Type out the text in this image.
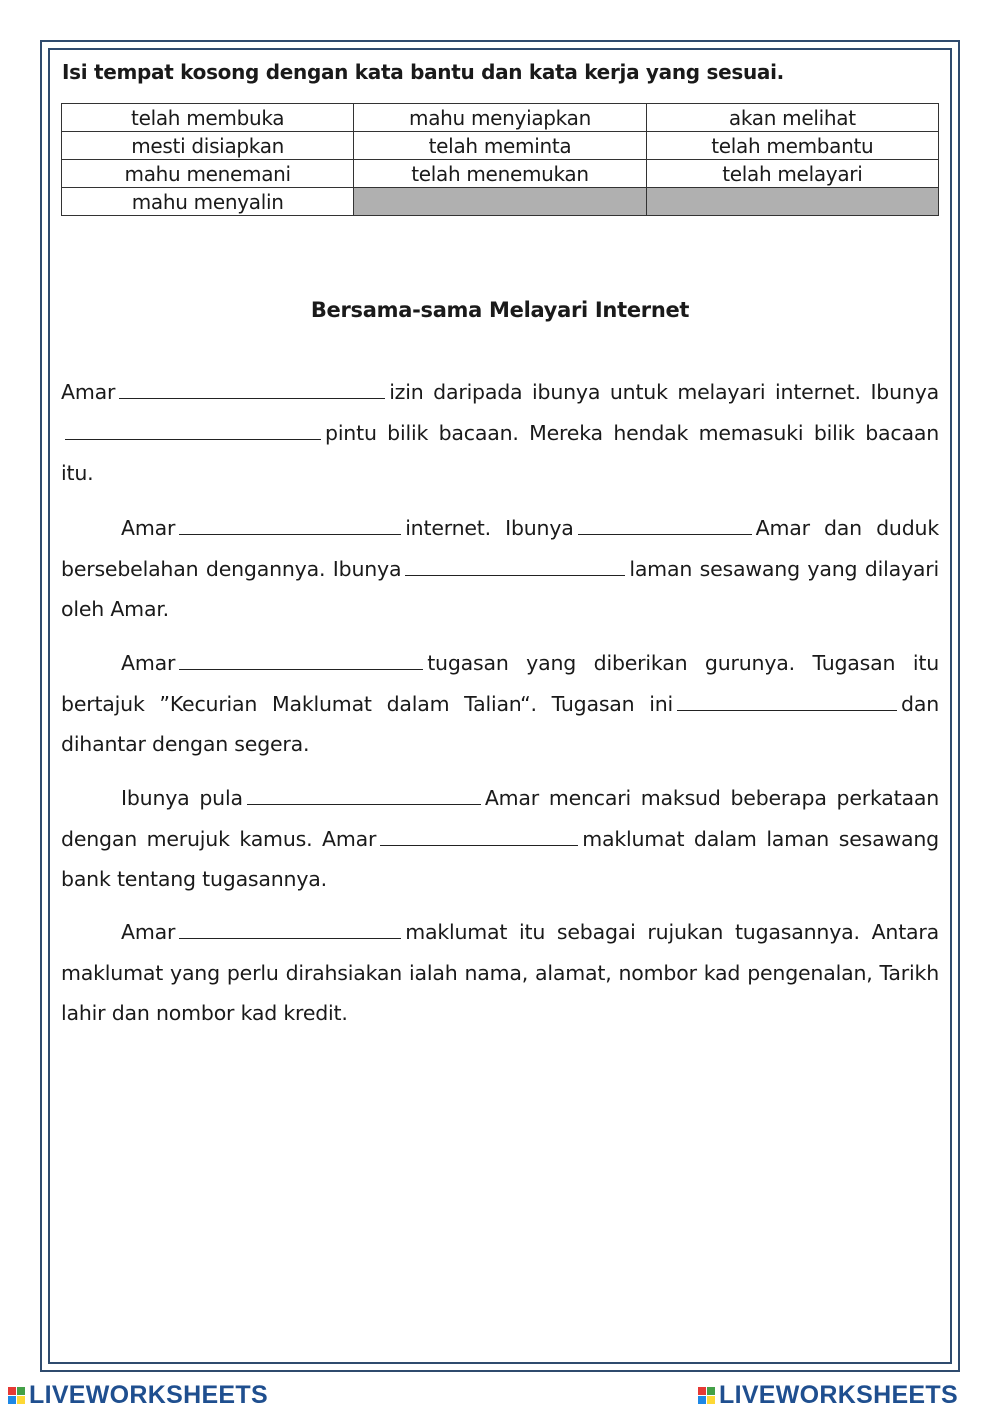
Isi tempat kosong dengan kata bantu dan kata kerja yang sesuai.
telah membuka	mahu menyiapkan	akan melihat
mesti disiapkan	telah meminta	telah membantu
mahu menemani	telah menemukan	telah melayari
mahu menyalin		
Bersama-sama Melayari Internet

Amar	izin daripada ibunya untuk melayari internet. Ibunyapintu bilik bacaan. Mereka hendak memasuki bilik bacaan itu.

Amar	internet. Ibunya	Amar dan duduk bersebelahan dengannya. Ibunya	laman sesawang yang dilayari oleh Amar.

Amar	tugasan yang diberikan gurunya. Tugasan itu bertajuk ”Kecurian Maklumat dalam Talian“. Tugasan ini	dan dihantar dengan segera.

Ibunya pula	Amar mencari maksud beberapa perkataan dengan merujuk kamus. Amar	maklumat dalam laman sesawang bank tentang tugasannya.

Amar	maklumat itu sebagai rujukan tugasannya. Antara maklumat yang perlu dirahsiakan ialah nama, alamat, nombor kad pengenalan, Tarikh lahir dan nombor kad kredit.

LIVEWORKSHEETS	LIVEWORKSHEETS
